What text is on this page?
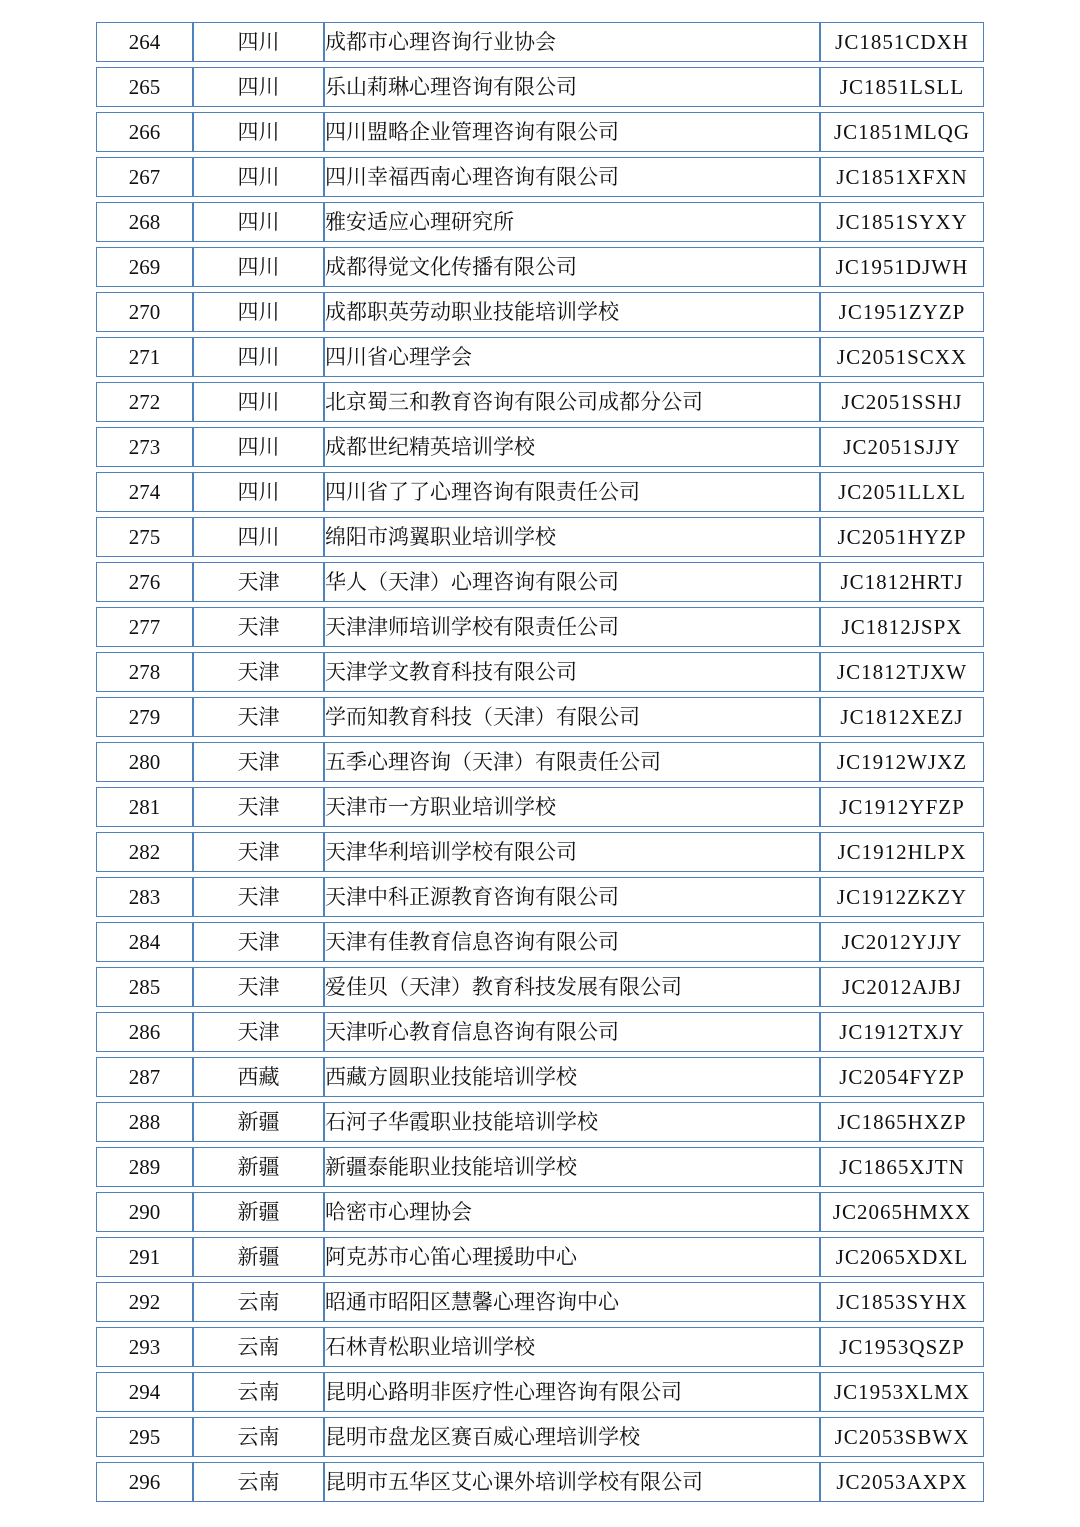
264	四川	成都市心理咨询行业协会	JC1851CDXH
265	四川	乐山莉琳心理咨询有限公司	JC1851LSLL
266	四川	四川盟略企业管理咨询有限公司	JC1851MLQG
267	四川	四川幸福西南心理咨询有限公司	JC1851XFXN
268	四川	雅安适应心理研究所	JC1851SYXY
269	四川	成都得觉文化传播有限公司	JC1951DJWH
270	四川	成都职英劳动职业技能培训学校	JC1951ZYZP
271	四川	四川省心理学会	JC2051SCXX
272	四川	北京蜀三和教育咨询有限公司成都分公司	JC2051SSHJ
273	四川	成都世纪精英培训学校	JC2051SJJY
274	四川	四川省了了心理咨询有限责任公司	JC2051LLXL
275	四川	绵阳市鸿翼职业培训学校	JC2051HYZP
276	天津	华人（天津）心理咨询有限公司	JC1812HRTJ
277	天津	天津津师培训学校有限责任公司	JC1812JSPX
278	天津	天津学文教育科技有限公司	JC1812TJXW
279	天津	学而知教育科技（天津）有限公司	JC1812XEZJ
280	天津	五季心理咨询（天津）有限责任公司	JC1912WJXZ
281	天津	天津市一方职业培训学校	JC1912YFZP
282	天津	天津华利培训学校有限公司	JC1912HLPX
283	天津	天津中科正源教育咨询有限公司	JC1912ZKZY
284	天津	天津有佳教育信息咨询有限公司	JC2012YJJY
285	天津	爱佳贝（天津）教育科技发展有限公司	JC2012AJBJ
286	天津	天津听心教育信息咨询有限公司	JC1912TXJY
287	西藏	西藏方圆职业技能培训学校	JC2054FYZP
288	新疆	石河子华霞职业技能培训学校	JC1865HXZP
289	新疆	新疆泰能职业技能培训学校	JC1865XJTN
290	新疆	哈密市心理协会	JC2065HMXX
291	新疆	阿克苏市心笛心理援助中心	JC2065XDXL
292	云南	昭通市昭阳区慧馨心理咨询中心	JC1853SYHX
293	云南	石林青松职业培训学校	JC1953QSZP
294	云南	昆明心路明非医疗性心理咨询有限公司	JC1953XLMX
295	云南	昆明市盘龙区赛百威心理培训学校	JC2053SBWX
296	云南	昆明市五华区艾心课外培训学校有限公司	JC2053AXPX
